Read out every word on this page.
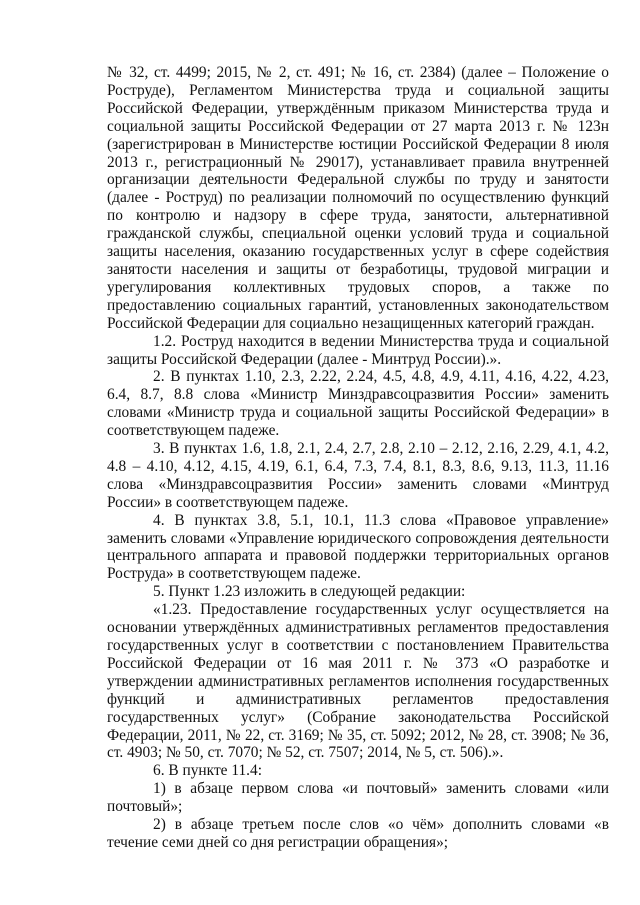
№ 32, ст. 4499; 2015, № 2, ст. 491; № 16, ст. 2384) (далее – Положение о Роструде), Регламентом Министерства труда и социальной защиты Российской Федерации, утверждённым приказом Министерства труда и социальной защиты Российской Федерации от 27 марта 2013 г. № 123н (зарегистрирован в Министерстве юстиции Российской Федерации 8 июля 2013 г., регистрационный № 29017), устанавливает правила внутренней организации деятельности Федеральной службы по труду и занятости (далее - Роструд) по реализации полномочий по осуществлению функций по контролю и надзору в сфере труда, занятости, альтернативной гражданской службы, специальной оценки условий труда и социальной защиты населения, оказанию государственных услуг в сфере содействия занятости населения и защиты от безработицы, трудовой миграции и урегулирования коллективных трудовых споров, а также по предоставлению социальных гарантий, установленных законодательством Российской Федерации для социально незащищенных категорий граждан.

1.2. Роструд находится в ведении Министерства труда и социальной защиты Российской Федерации (далее - Минтруд России).».

2. В пунктах 1.10, 2.3, 2.22, 2.24, 4.5, 4.8, 4.9, 4.11, 4.16, 4.22, 4.23, 6.4, 8.7, 8.8 слова «Министр Минздравсоцразвития России» заменить словами «Министр труда и социальной защиты Российской Федерации» в соответствующем падеже.

3. В пунктах 1.6, 1.8, 2.1, 2.4, 2.7, 2.8, 2.10 – 2.12, 2.16, 2.29, 4.1, 4.2, 4.8 – 4.10, 4.12, 4.15, 4.19, 6.1, 6.4, 7.3, 7.4, 8.1, 8.3, 8.6, 9.13, 11.3, 11.16 слова «Минздравсоцразвития России» заменить словами «Минтруд России» в соответствующем падеже.

4. В пунктах 3.8, 5.1, 10.1, 11.3 слова «Правовое управление» заменить словами «Управление юридического сопровождения деятельности центрального аппарата и правовой поддержки территориальных органов Роструда» в соответствующем падеже.

5. Пункт 1.23 изложить в следующей редакции:

«1.23. Предоставление государственных услуг осуществляется на основании утверждённых административных регламентов предоставления государственных услуг в соответствии с постановлением Правительства Российской Федерации от 16 мая 2011 г. № 373 «О разработке и утверждении административных регламентов исполнения государственных функций и административных регламентов предоставления государственных услуг» (Собрание законодательства Российской Федерации, 2011, № 22, ст. 3169; № 35, ст. 5092; 2012, № 28, ст. 3908; № 36, ст. 4903; № 50, ст. 7070; № 52, ст. 7507; 2014, № 5, ст. 506).».

6. В пункте 11.4:

1) в абзаце первом слова «и почтовый» заменить словами «или почтовый»;

2) в абзаце третьем после слов «о чём» дополнить словами «в течение семи дней со дня регистрации обращения»;
